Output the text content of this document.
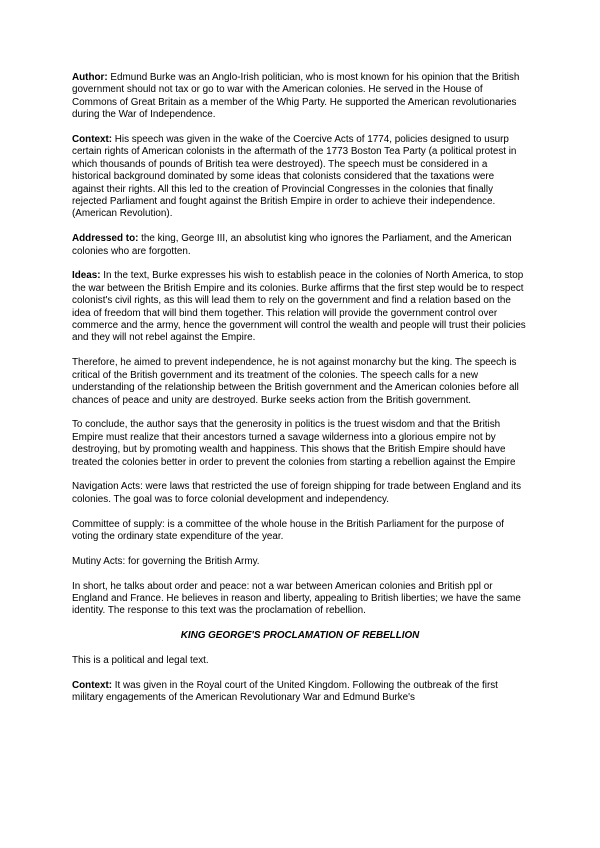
Author: Edmund Burke was an Anglo-Irish politician, who is most known for his opinion that the British government should not tax or go to war with the American colonies. He served in the House of Commons of Great Britain as a member of the Whig Party. He supported the American revolutionaries during the War of Independence.

Context: His speech was given in the wake of the Coercive Acts of 1774, policies designed to usurp certain rights of American colonists in the aftermath of the 1773 Boston Tea Party (a political protest in which thousands of pounds of British tea were destroyed). The speech must be considered in a historical background dominated by some ideas that colonists considered that the taxations were against their rights. All this led to the creation of Provincial Congresses in the colonies that finally rejected Parliament and fought against the British Empire in order to achieve their independence. (American Revolution).

Addressed to: the king, George III, an absolutist king who ignores the Parliament, and the American colonies who are forgotten.

Ideas: In the text, Burke expresses his wish to establish peace in the colonies of North America, to stop the war between the British Empire and its colonies. Burke affirms that the first step would be to respect colonist's civil rights, as this will lead them to rely on the government and find a relation based on the idea of freedom that will bind them together. This relation will provide the government control over commerce and the army, hence the government will control the wealth and people will trust their policies and they will not rebel against the Empire.

Therefore, he aimed to prevent independence, he is not against monarchy but the king. The speech is critical of the British government and its treatment of the colonies. The speech calls for a new understanding of the relationship between the British government and the American colonies before all chances of peace and unity are destroyed. Burke seeks action from the British government.

To conclude, the author says that the generosity in politics is the truest wisdom and that the British Empire must realize that their ancestors turned a savage wilderness into a glorious empire not by destroying, but by promoting wealth and happiness. This shows that the British Empire should have treated the colonies better in order to prevent the colonies from starting a rebellion against the Empire

Navigation Acts: were laws that restricted the use of foreign shipping for trade between England and its colonies. The goal was to force colonial development and independency.

Committee of supply: is a committee of the whole house in the British Parliament for the purpose of voting the ordinary state expenditure of the year.

Mutiny Acts: for governing the British Army.

In short, he talks about order and peace: not a war between American colonies and British ppl or England and France. He believes in reason and liberty, appealing to British liberties; we have the same identity. The response to this text was the proclamation of rebellion.

KING GEORGE'S PROCLAMATION OF REBELLION

This is a political and legal text.

Context: It was given in the Royal court of the United Kingdom. Following the outbreak of the first military engagements of the American Revolutionary War and Edmund Burke's
